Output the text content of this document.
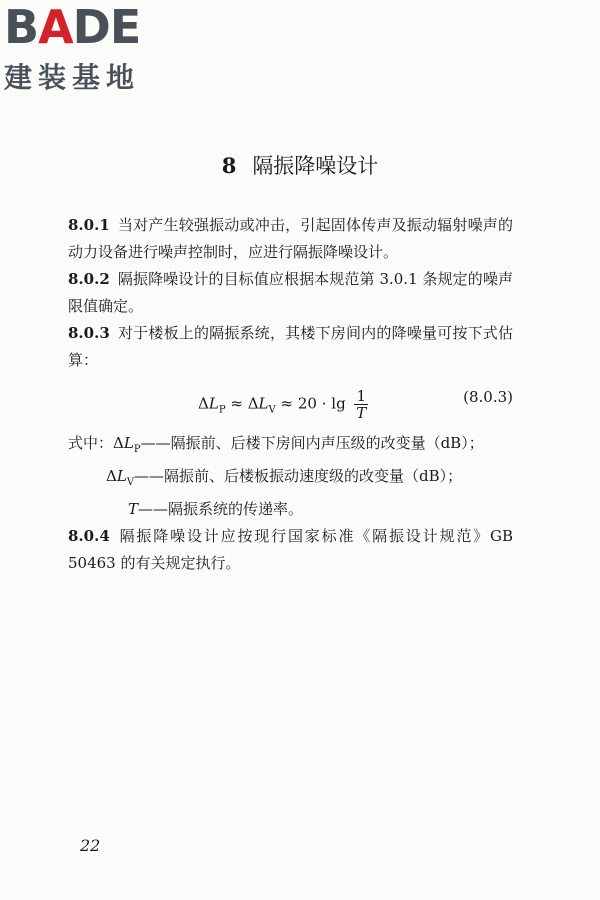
BADE
建装基地
8 隔振降噪设计

8.0.1 当对产生较强振动或冲击，引起固体传声及振动辐射噪声的动力设备进行噪声控制时，应进行隔振降噪设计。

8.0.2 隔振降噪设计的目标值应根据本规范第 3.0.1 条规定的噪声限值确定。

8.0.3 对于楼板上的隔振系统，其楼下房间内的降噪量可按下式估算：

$\Delta L_P \approx \Delta L_V \approx 20 \cdot \lg \frac{1}{T}$	(8.0.3)
式中：$\Delta L_P——$隔振前、后楼下房间内声压级的改变量（dB）；
$\Delta L_V——$隔振前、后楼板振动速度级的改变量（dB）；
T——隔振系统的传递率。

8.0.4 隔振降噪设计应按现行国家标准《隔振设计规范》GB 50463 的有关规定执行。

22
